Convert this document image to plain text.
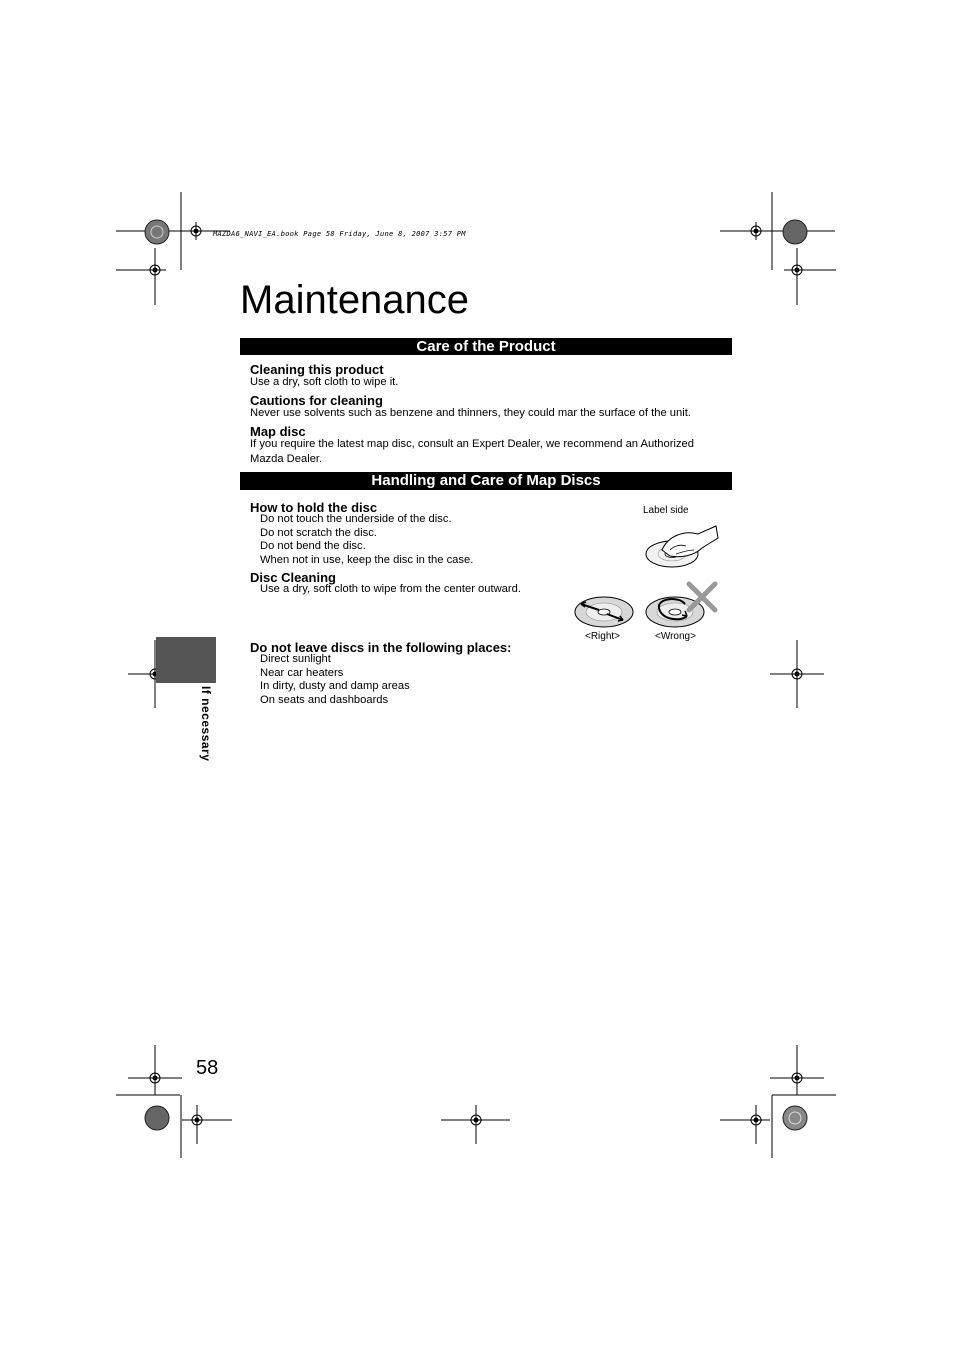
MAZDA6_NAVI_EA.book Page 58 Friday, June 8, 2007 3:57 PM
Maintenance
Care of the Product
Cleaning this product
Use a dry, soft cloth to wipe it.
Cautions for cleaning
Never use solvents such as benzene and thinners, they could mar the surface of the unit.
Map disc
If you require the latest map disc, consult an Expert Dealer, we recommend an Authorized
Mazda Dealer.
Handling and Care of Map Discs
How to hold the disc
Do not touch the underside of the disc.
Do not scratch the disc.
Do not bend the disc.
When not in use, keep the disc in the case.
Disc Cleaning
Use a dry, soft cloth to wipe from the center outward.
Do not leave discs in the following places:
Direct sunlight
Near car heaters
In dirty, dusty and damp areas
On seats and dashboards
Label side
<Right>	<Wrong>
If necessary
58
